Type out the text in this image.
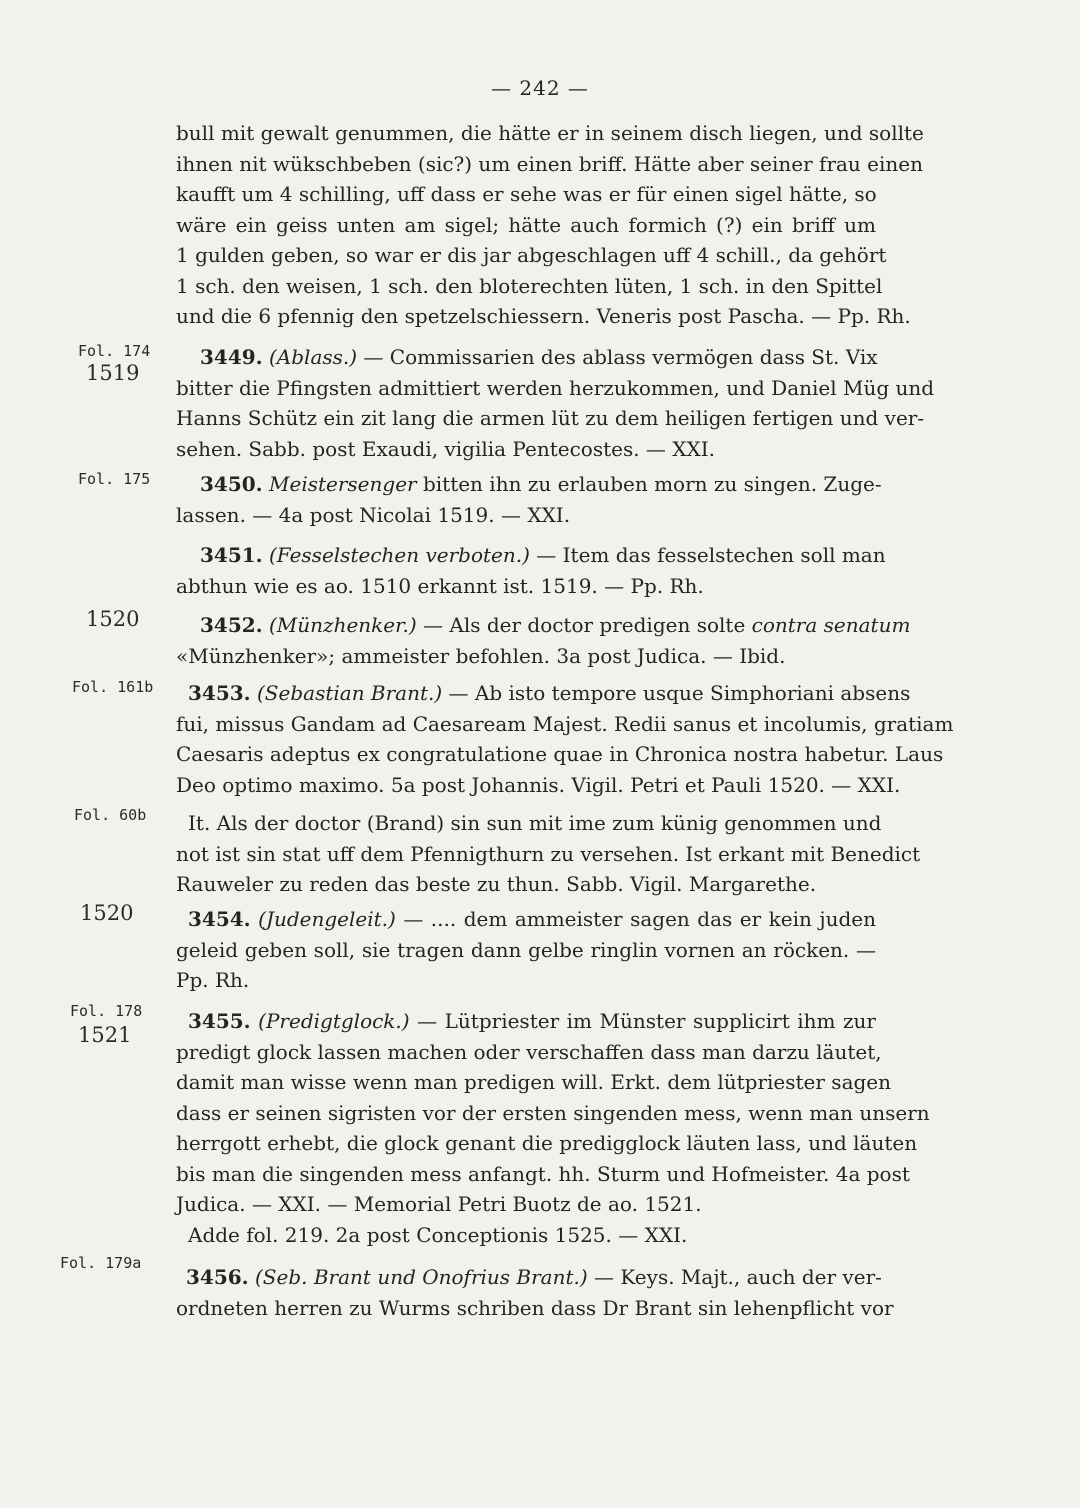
— 242 —
bull mit gewalt genummen, die hätte er in seinem disch liegen, und sollte
ihnen nit wükschbeben (sic?) um einen briff. Hätte aber seiner frau einen
kaufft um 4 schilling, uff dass er sehe was er für einen sigel hätte, so
wäre ein geiss unten am sigel; hätte auch formich (?) ein briff um
1 gulden geben, so war er dis jar abgeschlagen uff 4 schill., da gehört
1 sch. den weisen, 1 sch. den bloterechten lüten, 1 sch. in den Spittel
und die 6 pfennig den spetzelschiessern. Veneris post Pascha. — Pp. Rh.
Fol. 174
1519
3449. (Ablass.) — Commissarien des ablass vermögen dass St. Vix
bitter die Pfingsten admittiert werden herzukommen, und Daniel Müg und
Hanns Schütz ein zit lang die armen lüt zu dem heiligen fertigen und ver-
sehen. Sabb. post Exaudi, vigilia Pentecostes. — XXI.
Fol. 175	3450. Meistersenger bitten ihn zu erlauben morn zu singen. Zuge-
lassen. — 4a post Nicolai 1519. — XXI.
3451. (Fesselstechen verboten.) — Item das fesselstechen soll man
abthun wie es ao. 1510 erkannt ist. 1519. — Pp. Rh.
1520	3452. (Münzhenker.) — Als der doctor predigen solte contra senatum
«Münzhenker»; ammeister befohlen. 3a post Judica. — Ibid.
Fol. 161b	3453. (Sebastian Brant.) — Ab isto tempore usque Simphoriani absens
fui, missus Gandam ad Caesaream Majest. Redii sanus et incolumis, gratiam
Caesaris adeptus ex congratulatione quae in Chronica nostra habetur. Laus
Deo optimo maximo. 5a post Johannis. Vigil. Petri et Pauli 1520. — XXI.
Fol. 60b	It. Als der doctor (Brand) sin sun mit ime zum künig genommen und
not ist sin stat uff dem Pfennigthurn zu versehen. Ist erkant mit Benedict
Rauweler zu reden das beste zu thun. Sabb. Vigil. Margarethe.
1520	3454. (Judengeleit.) — .... dem ammeister sagen das er kein juden
geleid geben soll, sie tragen dann gelbe ringlin vornen an röcken. —
Pp. Rh.
Fol. 178
1521
3455. (Predigtglock.) — Lütpriester im Münster supplicirt ihm zur
predigt glock lassen machen oder verschaffen dass man darzu läutet,
damit man wisse wenn man predigen will. Erkt. dem lütpriester sagen
dass er seinen sigristen vor der ersten singenden mess, wenn man unsern
herrgott erhebt, die glock genant die predigglock läuten lass, und läuten
bis man die singenden mess anfangt. hh. Sturm und Hofmeister. 4a post
Judica. — XXI. — Memorial Petri Buotz de ao. 1521.
Adde fol. 219. 2a post Conceptionis 1525. — XXI.
Fol. 179a
3456. (Seb. Brant und Onofrius Brant.) — Keys. Majt., auch der ver-
ordneten herren zu Wurms schriben dass Dr Brant sin lehenpflicht vor
